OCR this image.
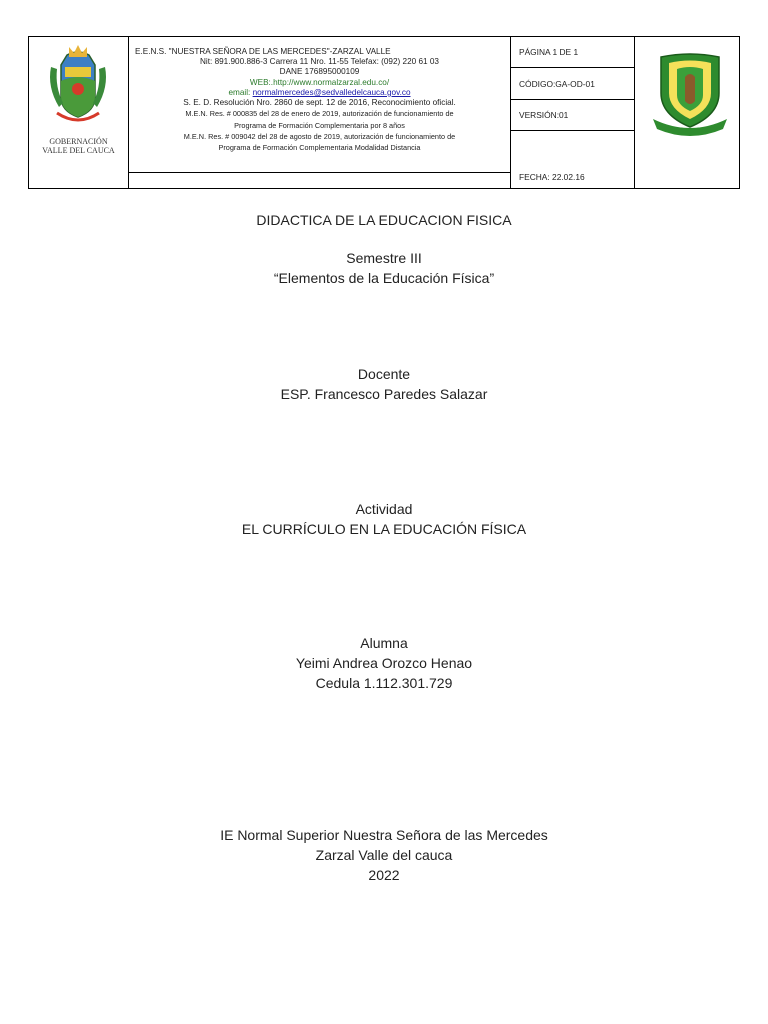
GOBERNACIÓN
VALLE DEL CAUCA
E.E.N.S. "NUESTRA SEÑORA DE LAS MERCEDES"-ZARZAL VALLE
Nit: 891.900.886-3 Carrera 11 Nro. 11-55 Telefax: (092) 220 61 03
DANE 176895000109
WEB:.http://www.normalzarzal.edu.co/
email: normalmercedes@sedvalledelcauca.gov.co
S. E. D. Resolución Nro. 2860 de sept. 12 de 2016, Reconocimiento oficial.
M.E.N. Res. # 000835 del 28 de enero de 2019, autorización de funcionamiento de
Programa de Formación Complementaria por 8 años
M.E.N. Res. # 009042 del 28 de agosto de 2019, autorización de funcionamiento de
Programa de Formación Complementaria Modalidad Distancia
PÁGINA 1 DE 1
CÓDIGO:GA-OD-01
VERSIÓN:01
FECHA: 22.02.16
DIDACTICA DE LA EDUCACION FISICA
Semestre III
“Elementos de la Educación Física”
Docente
ESP. Francesco Paredes Salazar
Actividad
EL CURRÍCULO EN LA EDUCACIÓN FÍSICA
Alumna
Yeimi Andrea Orozco Henao
Cedula 1.112.301.729
IE Normal Superior Nuestra Señora de las Mercedes
Zarzal Valle del cauca
2022
